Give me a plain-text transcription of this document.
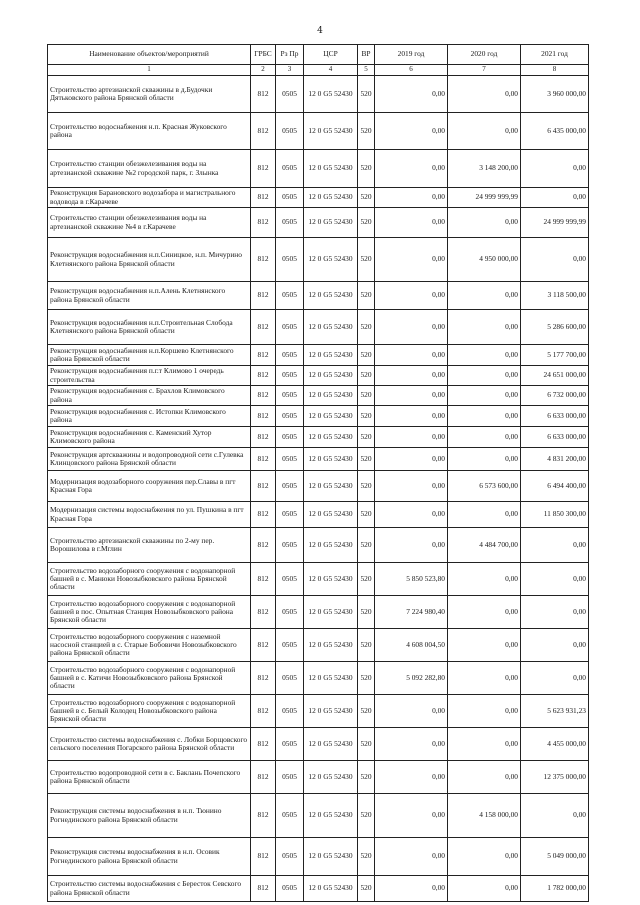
4
Наименование объектов/мероприятий	ГРБС	Рз Пр	ЦСР	ВР	2019 год	2020 год	2021 год
1	2	3	4	5	6	7	8
Строительство артезианской скважины в д.Будочки Дятьковского района Брянской области	812	0505	12 0 G5 52430	520	0,00	0,00	3 960 000,00
Строительство водоснабжения н.п. Красная Жуковского района	812	0505	12 0 G5 52430	520	0,00	0,00	6 435 000,00
Строительство станции обезжелезивания воды на артезианской скважине №2 городской парк, г. Злынка	812	0505	12 0 G5 52430	520	0,00	3 148 200,00	0,00
Реконструкция Барановского водозабора и магистрального водовода в г.Карачеве	812	0505	12 0 G5 52430	520	0,00	24 999 999,99	0,00
Строительство станции обезжелезивания воды на артезианской скважине №4 в г.Карачеве	812	0505	12 0 G5 52430	520	0,00	0,00	24 999 999,99
Реконструкция водоснабжения н.п.Синицкое, н.п. Мичурино Клетнянского района Брянской области	812	0505	12 0 G5 52430	520	0,00	4 950 000,00	0,00
Реконструкция водоснабжения н.п.Алень Клетнянского района Брянской области	812	0505	12 0 G5 52430	520	0,00	0,00	3 118 500,00
Реконструкция водоснабжения н.п.Строительная Слобода Клетнянского района Брянской области	812	0505	12 0 G5 52430	520	0,00	0,00	5 286 600,00
Реконструкция водоснабжения н.п.Коршево Клетнянского района Брянской области	812	0505	12 0 G5 52430	520	0,00	0,00	5 177 700,00
Реконструкция водоснабжения п.г.т Климово 1 очередь строительства	812	0505	12 0 G5 52430	520	0,00	0,00	24 651 000,00
Реконструкция водоснабжения с. Брахлов Климовского района	812	0505	12 0 G5 52430	520	0,00	0,00	6 732 000,00
Реконструкция водоснабжения с. Истопки Климовского района	812	0505	12 0 G5 52430	520	0,00	0,00	6 633 000,00
Реконструкция водоснабжения с. Каменский Хутор Климовского района	812	0505	12 0 G5 52430	520	0,00	0,00	6 633 000,00
Реконструкция артскважины и водопроводной сети с.Гулевка Клинцовского района Брянской области	812	0505	12 0 G5 52430	520	0,00	0,00	4 831 200,00
Модернизация водозаборного сооружения пер.Славы в пгт Красная Гора	812	0505	12 0 G5 52430	520	0,00	6 573 600,00	6 494 400,00
Модернизация системы водоснабжения по ул. Пушкина в пгт Красная Гора	812	0505	12 0 G5 52430	520	0,00	0,00	11 850 300,00
Строительство артезианской скважины по 2-му пер. Ворошилова в г.Мглин	812	0505	12 0 G5 52430	520	0,00	4 484 700,00	0,00
Строительство водозаборного сооружения с водонапорной башней в с. Манюки Новозыбковского района Брянской области	812	0505	12 0 G5 52430	520	5 850 523,80	0,00	0,00
Строительство водозаборного сооружения с водонапорной башней в пос. Опытная Станция Новозыбковского района Брянской области	812	0505	12 0 G5 52430	520	7 224 980,40	0,00	0,00
Строительство водозаборного сооружения с наземной насосной станцией в с. Старые Бобовичи Новозыбковского района Брянской области	812	0505	12 0 G5 52430	520	4 608 004,50	0,00	0,00
Строительство водозаборного сооружения с водонапорной башней в с. Катичи Новозыбковского района Брянской области	812	0505	12 0 G5 52430	520	5 092 282,80	0,00	0,00
Строительство водозаборного сооружения с водонапорной башней в с. Белый Колодец Новозыбковского района Брянской области	812	0505	12 0 G5 52430	520	0,00	0,00	5 623 931,23
Строительство системы водоснабжения с. Лобки Борщовского сельского поселения Погарского района Брянской области	812	0505	12 0 G5 52430	520	0,00	0,00	4 455 000,00
Строительство водопроводной сети в с. Баклань Почепского района Брянской области	812	0505	12 0 G5 52430	520	0,00	0,00	12 375 000,00
Реконструкция системы водоснабжения в н.п. Тюнино Рогнединского района Брянской области	812	0505	12 0 G5 52430	520	0,00	4 158 000,00	0,00
Реконструкция системы водоснабжения в н.п. Осовик Рогнединского района Брянской области	812	0505	12 0 G5 52430	520	0,00	0,00	5 049 000,00
Строительство системы водоснабжения с Бересток Севского района Брянской области	812	0505	12 0 G5 52430	520	0,00	0,00	1 782 000,00
